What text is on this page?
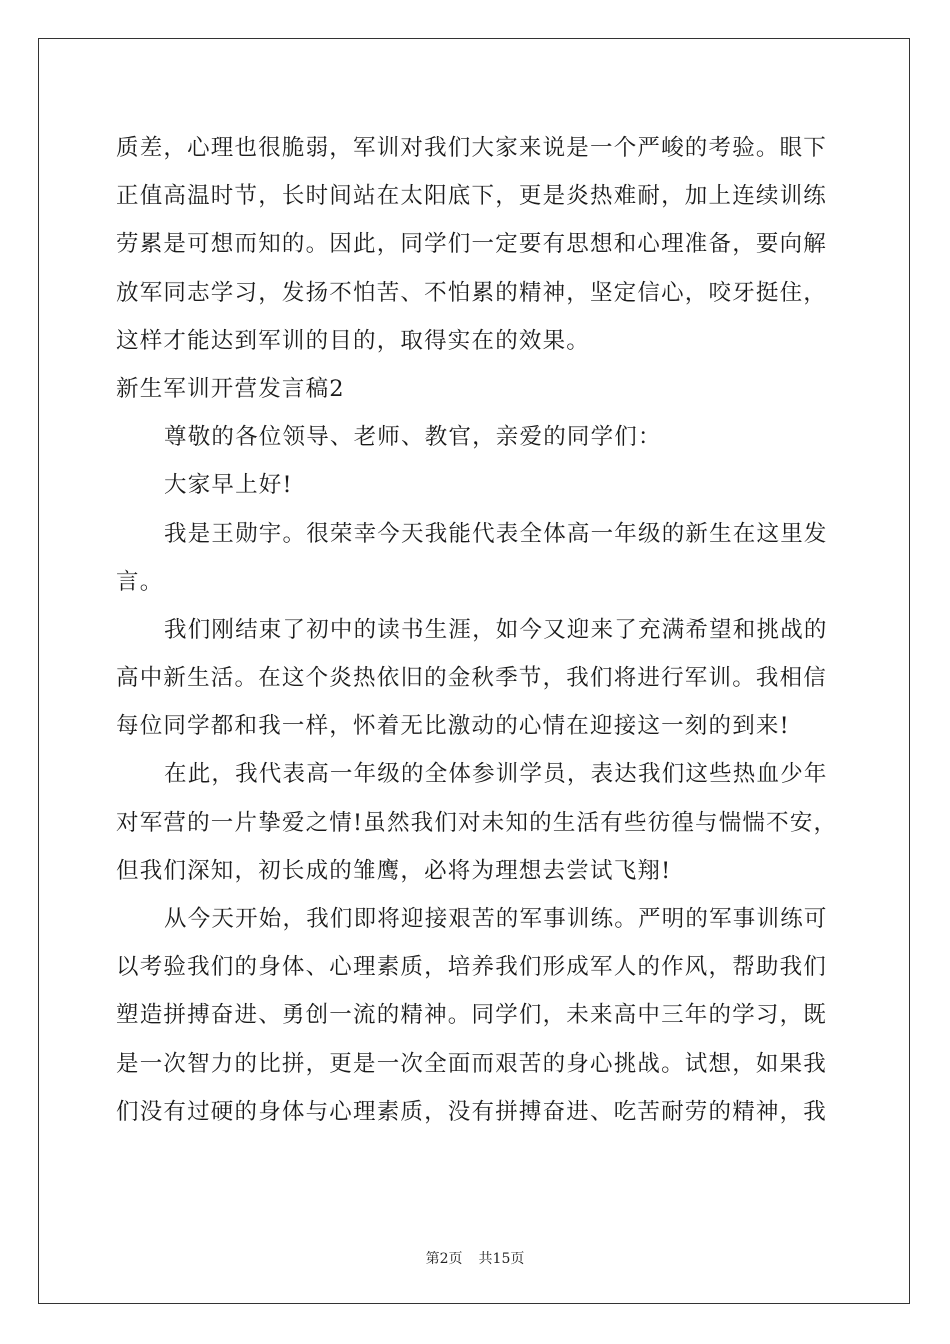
质差，心理也很脆弱，军训对我们大家来说是一个严峻的考验。眼下
正值高温时节，长时间站在太阳底下，更是炎热难耐，加上连续训练
劳累是可想而知的。因此，同学们一定要有思想和心理准备，要向解
放军同志学习，发扬不怕苦、不怕累的精神，坚定信心，咬牙挺住，
这样才能达到军训的目的，取得实在的效果。
新生军训开营发言稿2
尊敬的各位领导、老师、教官，亲爱的同学们：
大家早上好!
我是王勋宇。很荣幸今天我能代表全体高一年级的新生在这里发
言。
我们刚结束了初中的读书生涯，如今又迎来了充满希望和挑战的
高中新生活。在这个炎热依旧的金秋季节，我们将进行军训。我相信
每位同学都和我一样，怀着无比激动的心情在迎接这一刻的到来!
在此，我代表高一年级的全体参训学员，表达我们这些热血少年
对军营的一片挚爱之情!虽然我们对未知的生活有些彷徨与惴惴不安，
但我们深知，初长成的雏鹰，必将为理想去尝试飞翔!
从今天开始，我们即将迎接艰苦的军事训练。严明的军事训练可
以考验我们的身体、心理素质，培养我们形成军人的作风，帮助我们
塑造拼搏奋进、勇创一流的精神。同学们，未来高中三年的学习，既
是一次智力的比拼，更是一次全面而艰苦的身心挑战。试想，如果我
们没有过硬的身体与心理素质，没有拼搏奋进、吃苦耐劳的精神，我
第2页 共15页
